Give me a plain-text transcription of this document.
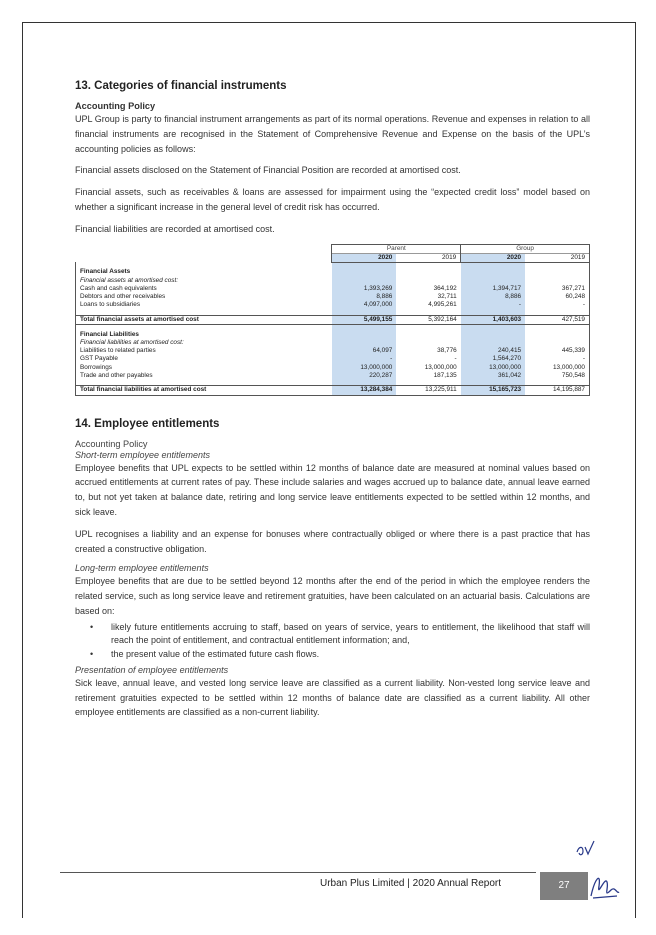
13. Categories of financial instruments
Accounting Policy

UPL Group is party to financial instrument arrangements as part of its normal operations. Revenue and expenses in relation to all financial instruments are recognised in the Statement of Comprehensive Revenue and Expense on the basis of the UPL’s accounting policies as follows:

Financial assets disclosed on the Statement of Financial Position are recorded at amortised cost.

Financial assets, such as receivables & loans are assessed for impairment using the “expected credit loss” model based on whether a significant increase in the general level of credit risk has occurred.

Financial liabilities are recorded at amortised cost.

	Parent		Group	
	2020	2019	2020	2019

Financial Assets				
Financial assets at amortised cost:				
Cash and cash equivalents	1,393,269	364,192	1,394,717	367,271
Debtors and other receivables	8,886	32,711	8,886	60,248
Loans to subsidiaries	4,097,000	4,995,261	-	-

Total financial assets at amortised cost	5,499,155	5,392,164	1,403,603	427,519

Financial Liabilities				
Financial liabilities at amortised cost:				
Liabilities to related parties	64,097	38,776	240,415	445,339
GST Payable	-	-	1,564,270	-
Borrowings	13,000,000	13,000,000	13,000,000	13,000,000
Trade and other payables	220,287	187,135	361,042	750,548

Total financial liabilities at amortised cost	13,284,384	13,225,911	15,165,723	14,195,887
14. Employee entitlements
Accounting Policy
Short-term employee entitlements

Employee benefits that UPL expects to be settled within 12 months of balance date are measured at nominal values based on accrued entitlements at current rates of pay. These include salaries and wages accrued up to balance date, annual leave earned to, but not yet taken at balance date, retiring and long service leave entitlements expected to be settled within 12 months, and sick leave.

UPL recognises a liability and an expense for bonuses where contractually obliged or where there is a past practice that has created a constructive obligation.

Long-term employee entitlements

Employee benefits that are due to be settled beyond 12 months after the end of the period in which the employee renders the related service, such as long service leave and retirement gratuities, have been calculated on an actuarial basis. Calculations are based on:

• likely future entitlements accruing to staff, based on years of service, years to entitlement, the likelihood that staff will reach the point of entitlement, and contractual entitlement information; and,
• the present value of the estimated future cash flows.
Presentation of employee entitlements

Sick leave, annual leave, and vested long service leave are classified as a current liability. Non-vested long service leave and retirement gratuities expected to be settled within 12 months of balance date are classified as a current liability. All other employee entitlements are classified as a non-current liability.

Urban Plus Limited | 2020 Annual Report	27
